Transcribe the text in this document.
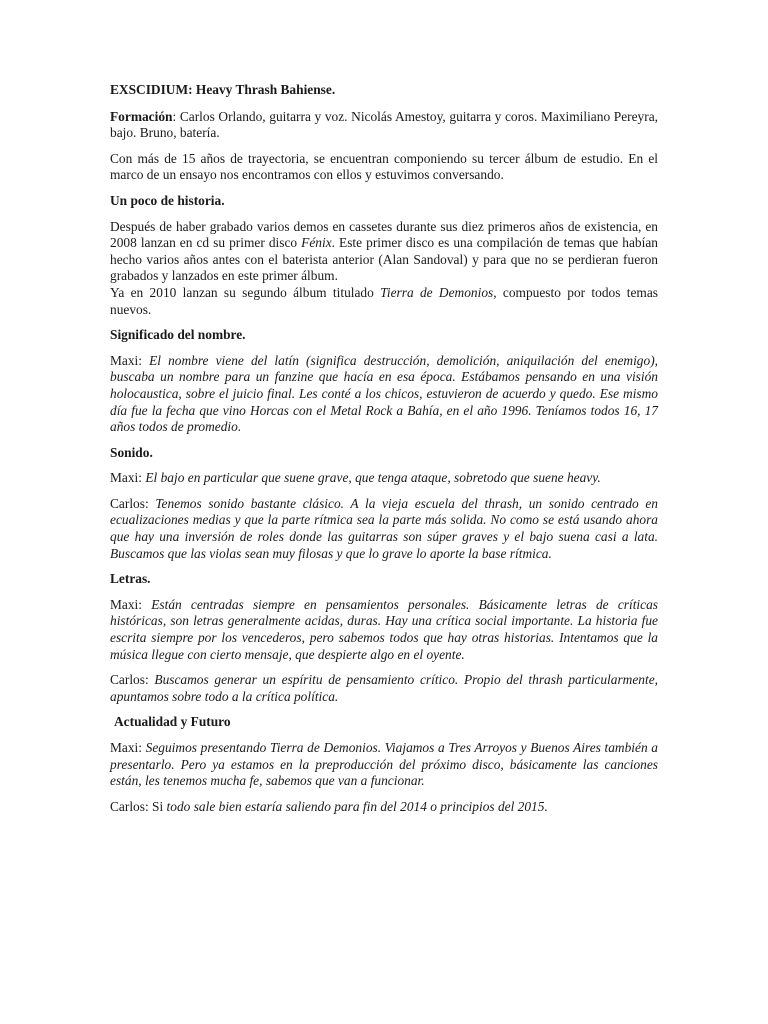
EXSCIDIUM: Heavy Thrash Bahiense.

Formación: Carlos Orlando, guitarra y voz. Nicolás Amestoy, guitarra y coros. Maximiliano Pereyra, bajo. Bruno, batería.

Con más de 15 años de trayectoria, se encuentran componiendo su tercer álbum de estudio. En el marco de un ensayo nos encontramos con ellos y estuvimos conversando.

Un poco de historia.

Después de haber grabado varios demos en cassetes durante sus diez primeros años de existencia, en 2008 lanzan en cd su primer disco Fénix. Este primer disco es una compilación de temas que habían hecho varios años antes con el baterista anterior (Alan Sandoval) y para que no se perdieran fueron grabados y lanzados en este primer álbum.
Ya en 2010 lanzan su segundo álbum titulado Tierra de Demonios, compuesto por todos temas nuevos.

Significado del nombre.

Maxi: El nombre viene del latín (significa destrucción, demolición, aniquilación del enemigo), buscaba un nombre para un fanzine que hacía en esa época. Estábamos pensando en una visión holocaustica, sobre el juicio final. Les conté a los chicos, estuvieron de acuerdo y quedo. Ese mismo día fue la fecha que vino Horcas con el Metal Rock a Bahía, en el año 1996. Teníamos todos 16, 17 años todos de promedio.

Sonido.

Maxi: El bajo en particular que suene grave, que tenga ataque, sobretodo que suene heavy.

Carlos: Tenemos sonido bastante clásico. A la vieja escuela del thrash, un sonido centrado en ecualizaciones medias y que la parte rítmica sea la parte más solida. No como se está usando ahora que hay una inversión de roles donde las guitarras son súper graves y el bajo suena casi a lata. Buscamos que las violas sean muy filosas y que lo grave lo aporte la base rítmica.

Letras.

Maxi: Están centradas siempre en pensamientos personales. Básicamente letras de críticas históricas, son letras generalmente acidas, duras. Hay una crítica social importante. La historia fue escrita siempre por los vencederos, pero sabemos todos que hay otras historias. Intentamos que la música llegue con cierto mensaje, que despierte algo en el oyente.

Carlos: Buscamos generar un espíritu de pensamiento crítico. Propio del thrash particularmente, apuntamos sobre todo a la crítica política.

Actualidad y Futuro

Maxi: Seguimos presentando Tierra de Demonios. Viajamos a Tres Arroyos y Buenos Aires también a presentarlo. Pero ya estamos en la preproducción del próximo disco, básicamente las canciones están, les tenemos mucha fe, sabemos que van a funcionar.

Carlos: Si todo sale bien estaría saliendo para fin del 2014 o principios del 2015.
